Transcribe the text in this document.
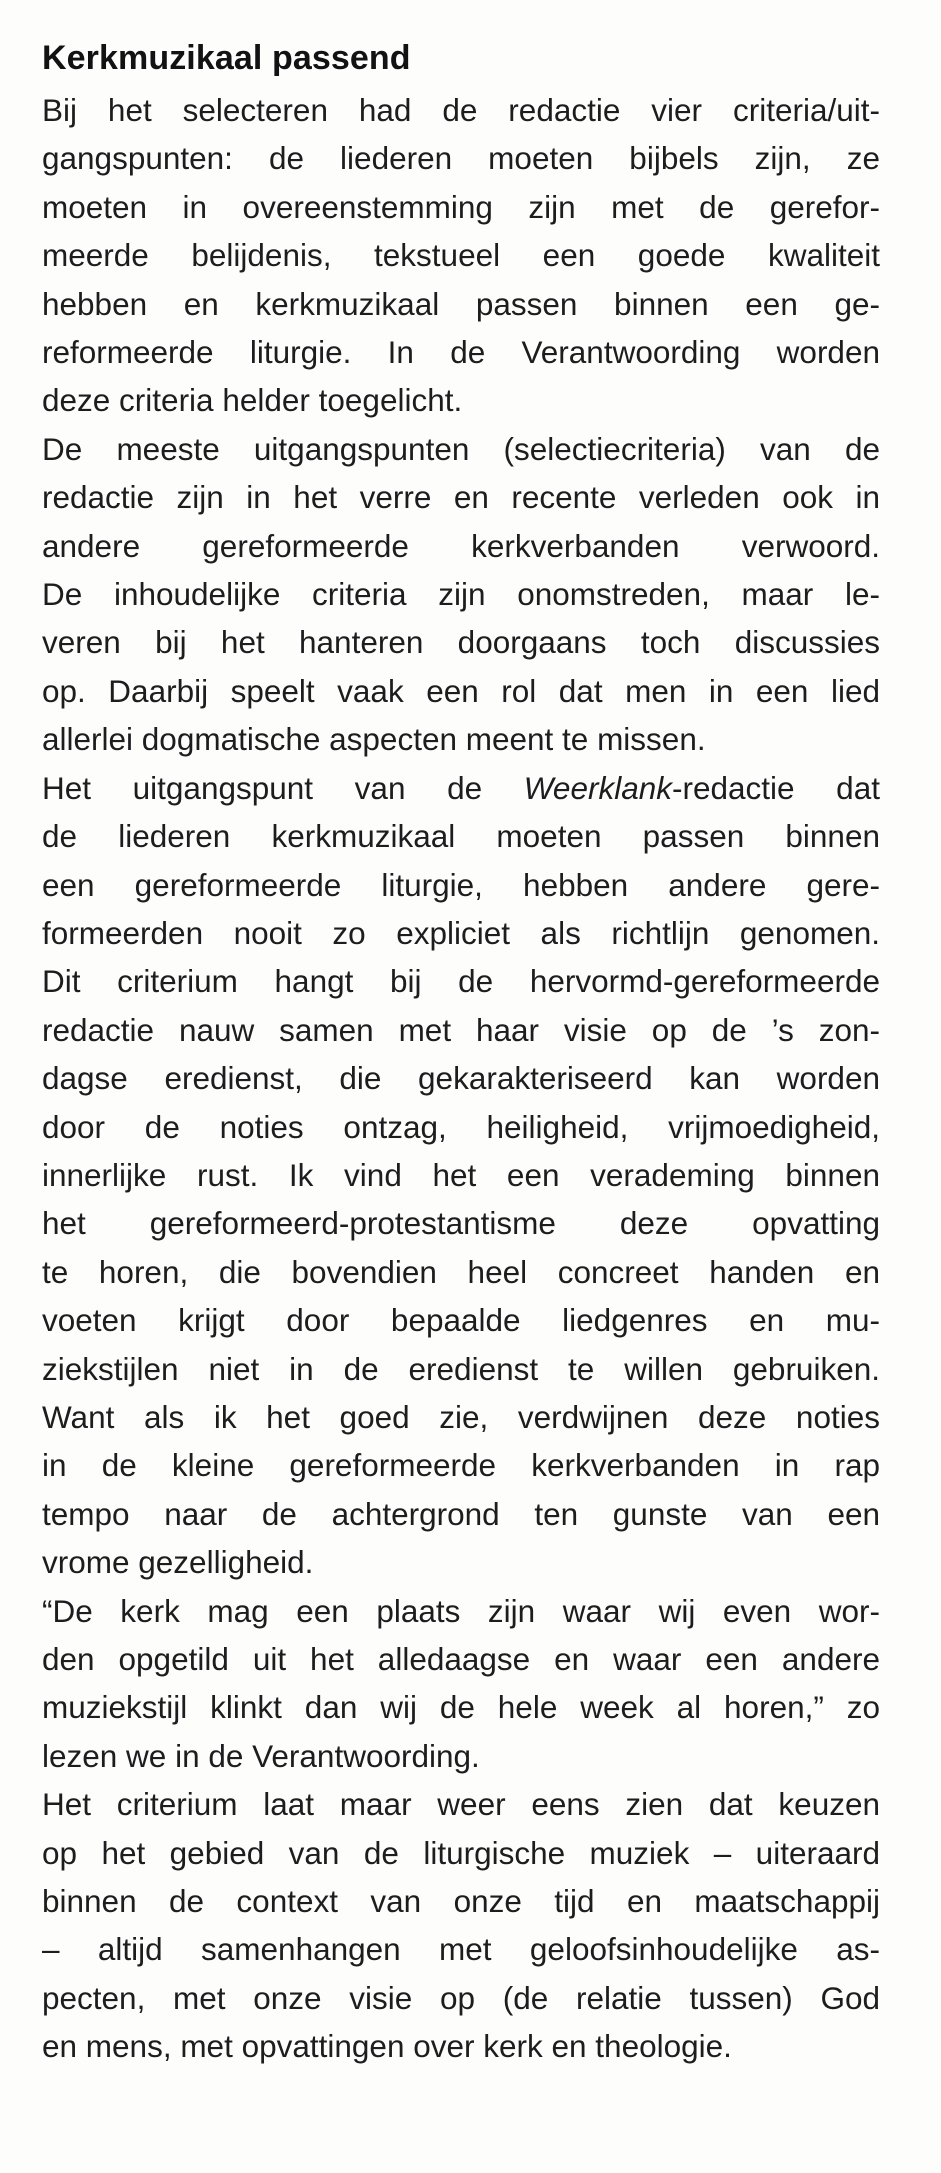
Kerkmuzikaal passend

Bij het selecteren had de redactie vier criteria/uit-
gangspunten: de liederen moeten bijbels zijn, ze
moeten in overeenstemming zijn met de gerefor-
meerde belijdenis, tekstueel een goede kwaliteit
hebben en kerkmuzikaal passen binnen een ge-
reformeerde liturgie. In de Verantwoording worden
deze criteria helder toegelicht.

De meeste uitgangspunten (selectiecriteria) van de
redactie zijn in het verre en recente verleden ook in
andere gereformeerde kerkverbanden verwoord.
De inhoudelijke criteria zijn onomstreden, maar le-
veren bij het hanteren doorgaans toch discussies
op. Daarbij speelt vaak een rol dat men in een lied
allerlei dogmatische aspecten meent te missen.

Het uitgangspunt van de Weerklank-redactie dat
de liederen kerkmuzikaal moeten passen binnen
een gereformeerde liturgie, hebben andere gere-
formeerden nooit zo expliciet als richtlijn genomen.
Dit criterium hangt bij de hervormd-gereformeerde
redactie nauw samen met haar visie op de ’s zon-
dagse eredienst, die gekarakteriseerd kan worden
door de noties ontzag, heiligheid, vrijmoedigheid,
innerlijke rust. Ik vind het een verademing binnen
het gereformeerd-protestantisme deze opvatting
te horen, die bovendien heel concreet handen en
voeten krijgt door bepaalde liedgenres en mu-
ziekstijlen niet in de eredienst te willen gebruiken.
Want als ik het goed zie, verdwijnen deze noties
in de kleine gereformeerde kerkverbanden in rap
tempo naar de achtergrond ten gunste van een
vrome gezelligheid.

“De kerk mag een plaats zijn waar wij even wor-
den opgetild uit het alledaagse en waar een andere
muziekstijl klinkt dan wij de hele week al horen,” zo
lezen we in de Verantwoording.

Het criterium laat maar weer eens zien dat keuzen
op het gebied van de liturgische muziek – uiteraard
binnen de context van onze tijd en maatschappij
– altijd samenhangen met geloofsinhoudelijke as-
pecten, met onze visie op (de relatie tussen) God
en mens, met opvattingen over kerk en theologie.
